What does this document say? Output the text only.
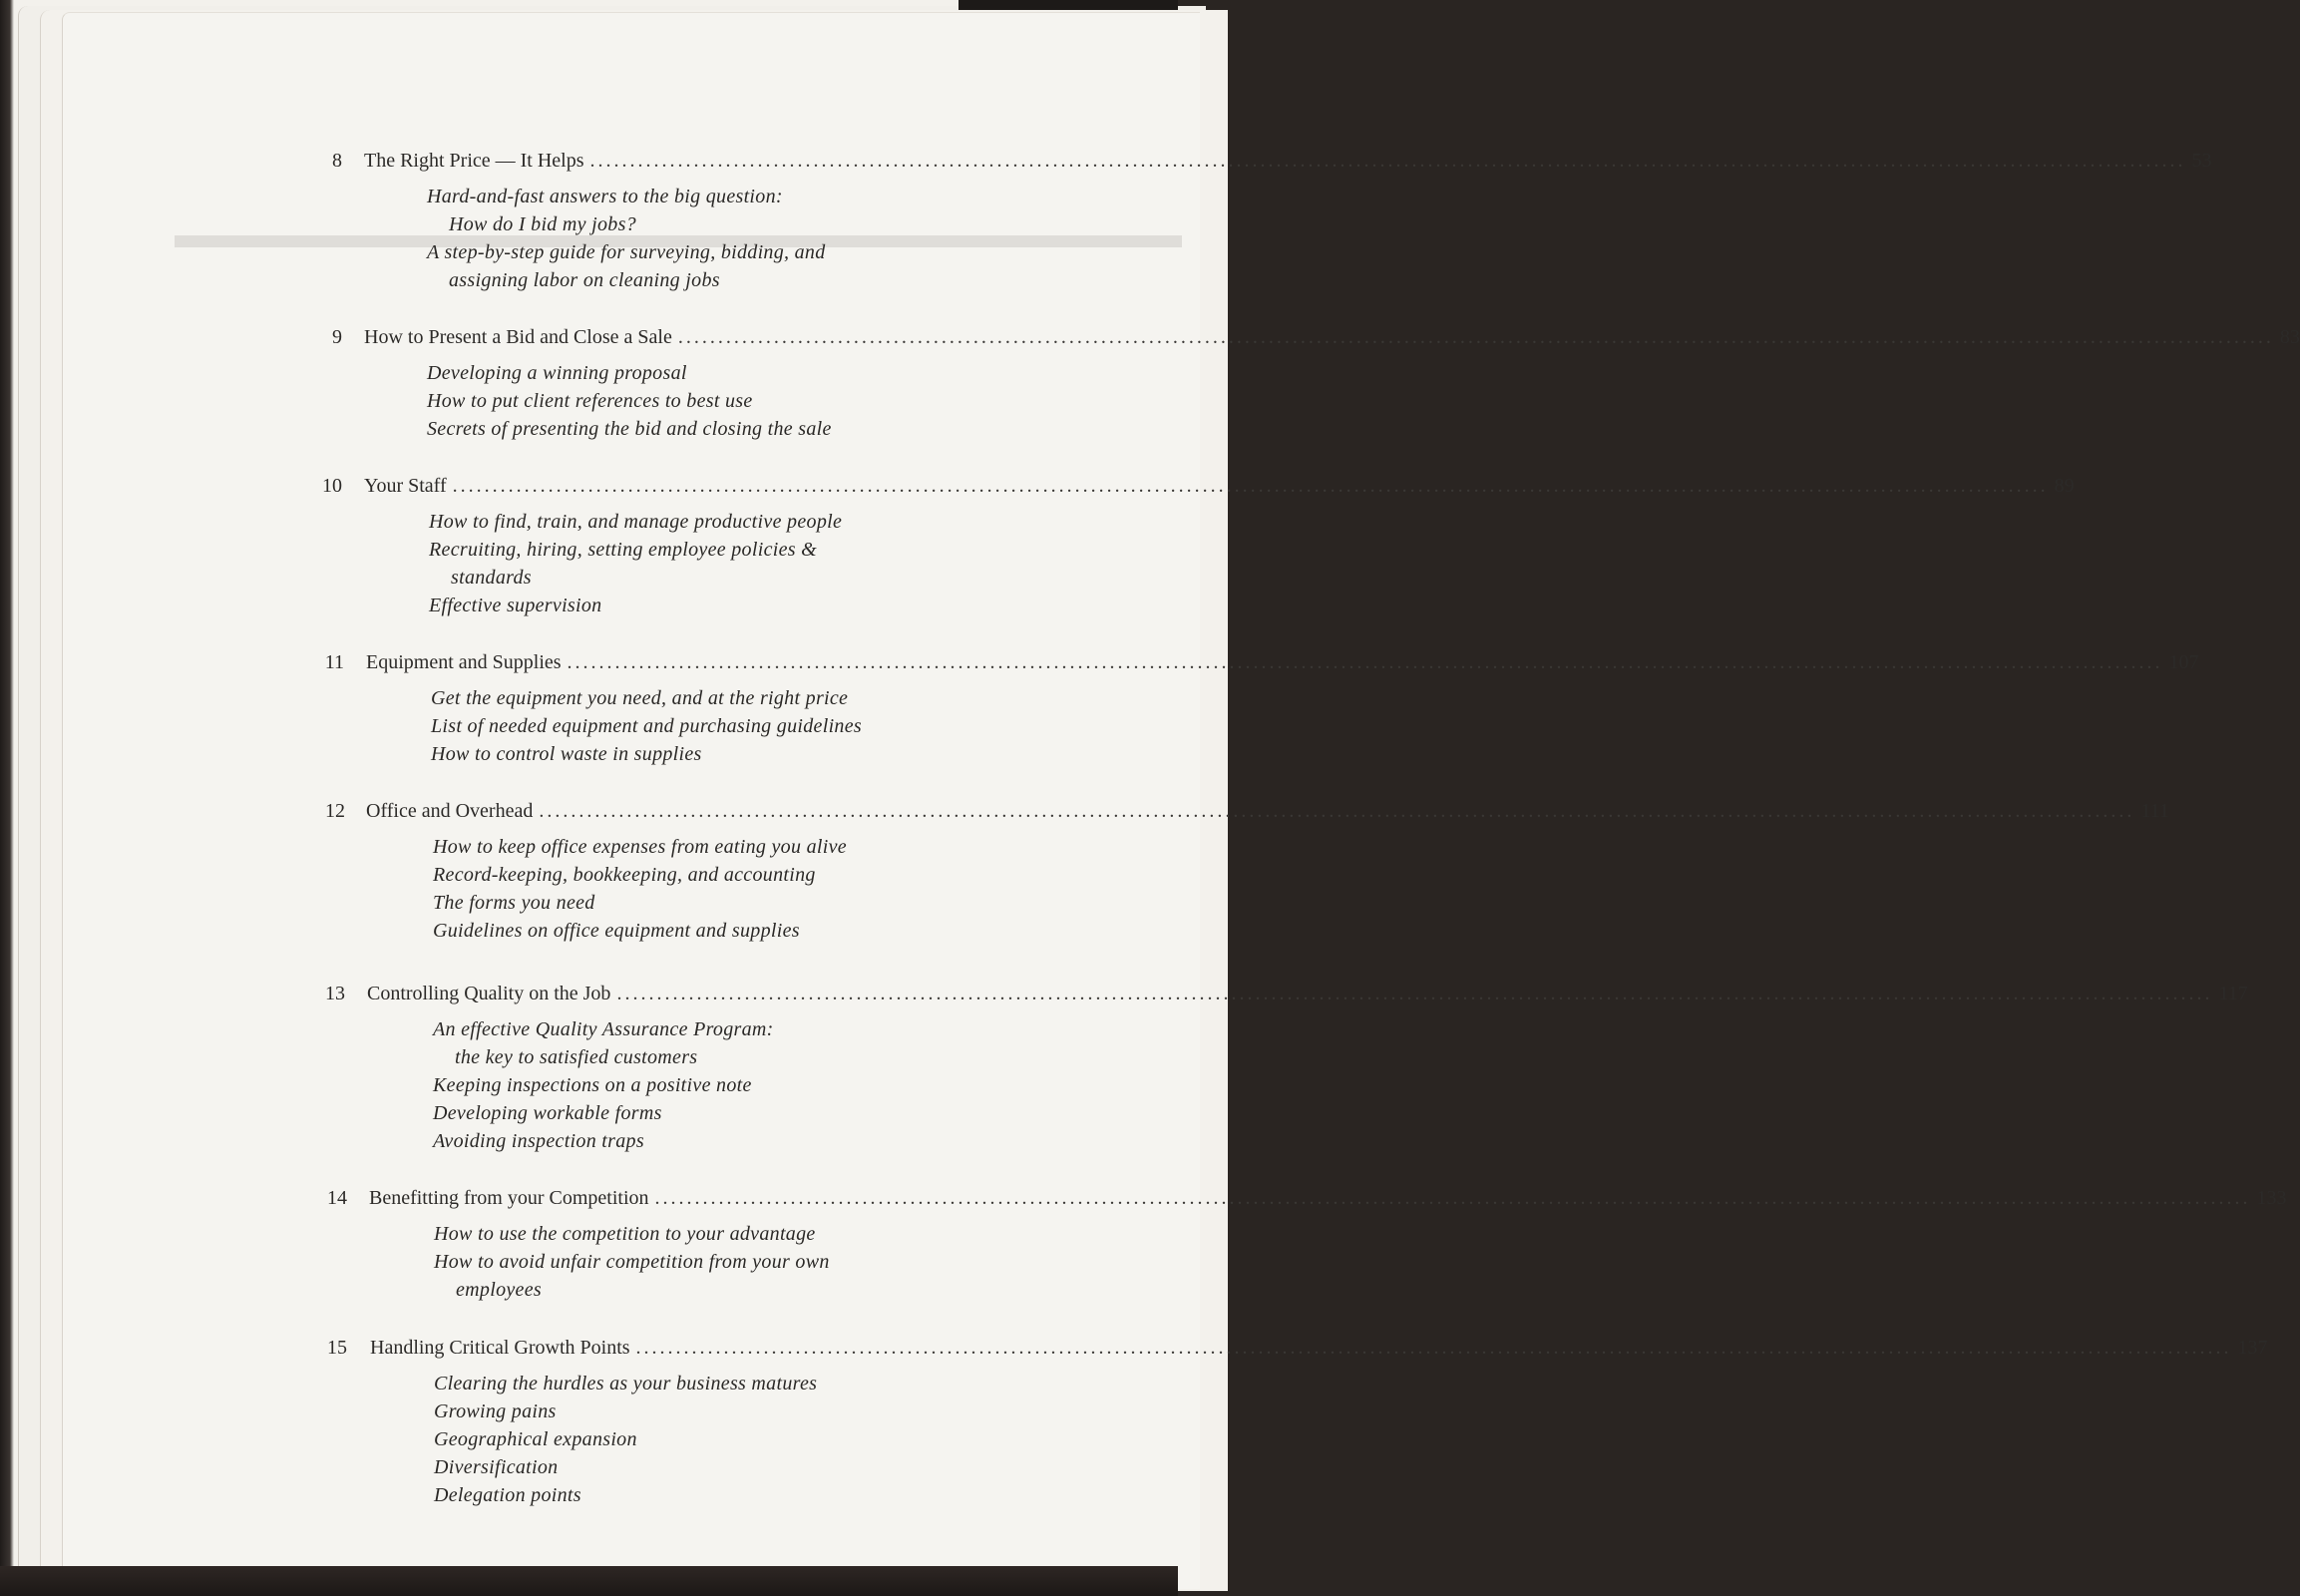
8 The Right Price — It Helps ........................................................................................................................................................................................................ 53
Hard-and-fast answers to the big question:
How do I bid my jobs?
A step-by-step guide for surveying, bidding, and
assigning labor on cleaning jobs
9 How to Present a Bid and Close a Sale ........................................................................................................................................................................................................ 83
Developing a winning proposal
How to put client references to best use
Secrets of presenting the bid and closing the sale
10 Your Staff ........................................................................................................................................................................................................ 89
How to find, train, and manage productive people
Recruiting, hiring, setting employee policies &
standards
Effective supervision
11 Equipment and Supplies ........................................................................................................................................................................................................ 107
Get the equipment you need, and at the right price
List of needed equipment and purchasing guidelines
How to control waste in supplies
12 Office and Overhead ........................................................................................................................................................................................................ 111
How to keep office expenses from eating you alive
Record-keeping, bookkeeping, and accounting
The forms you need
Guidelines on office equipment and supplies
13 Controlling Quality on the Job ........................................................................................................................................................................................................ 117
An effective Quality Assurance Program:
the key to satisfied customers
Keeping inspections on a positive note
Developing workable forms
Avoiding inspection traps
14 Benefitting from your Competition ........................................................................................................................................................................................................ 133
How to use the competition to your advantage
How to avoid unfair competition from your own
employees
15 Handling Critical Growth Points ........................................................................................................................................................................................................ 137
Clearing the hurdles as your business matures
Growing pains
Geographical expansion
Diversification
Delegation points
